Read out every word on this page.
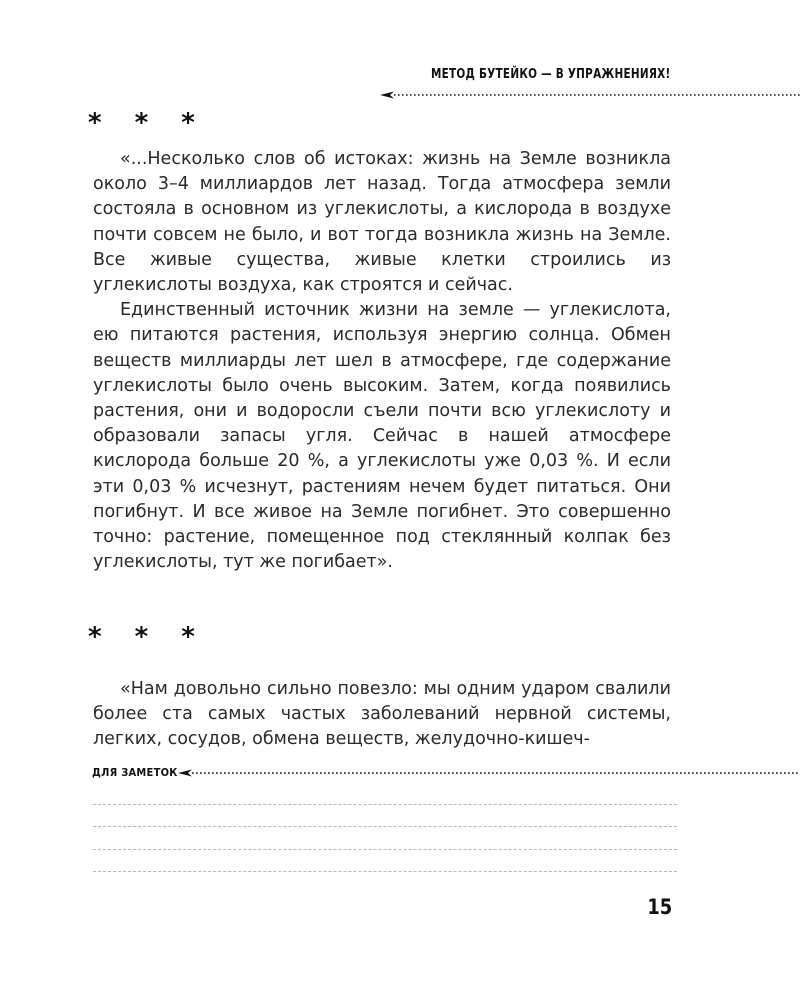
МЕТОД БУТЕЙКО — В УПРАЖНЕНИЯХ!
* * *

«...Несколько слов об истоках: жизнь на Земле возникла около 3–4 миллиардов лет назад. Тогда атмосфера земли состояла в основном из углекислоты, а кислорода в воздухе почти совсем не было, и вот тогда возникла жизнь на Земле. Все живые существа, живые клетки строились из углекислоты воздуха, как строятся и сейчас.

Единственный источник жизни на земле — углекислота, ею питаются растения, используя энергию солнца. Обмен веществ миллиарды лет шел в атмосфере, где содержание углекислоты было очень высоким. Затем, когда появились растения, они и водоросли съели почти всю углекислоту и образовали запасы угля. Сейчас в нашей атмосфере кислорода больше 20 %, а углекислоты уже 0,03 %. И если эти 0,03 % исчезнут, растениям нечем будет питаться. Они погибнут. И все живое на Земле погибнет. Это совершенно точно: растение, помещенное под стеклянный колпак без углекислоты, тут же погибает».

* * *

«Нам довольно сильно повезло: мы одним ударом свалили более ста самых частых заболеваний нервной системы, легких, сосудов, обмена веществ, желудочно-кишеч-

ДЛЯ ЗАМЕТОК
15
